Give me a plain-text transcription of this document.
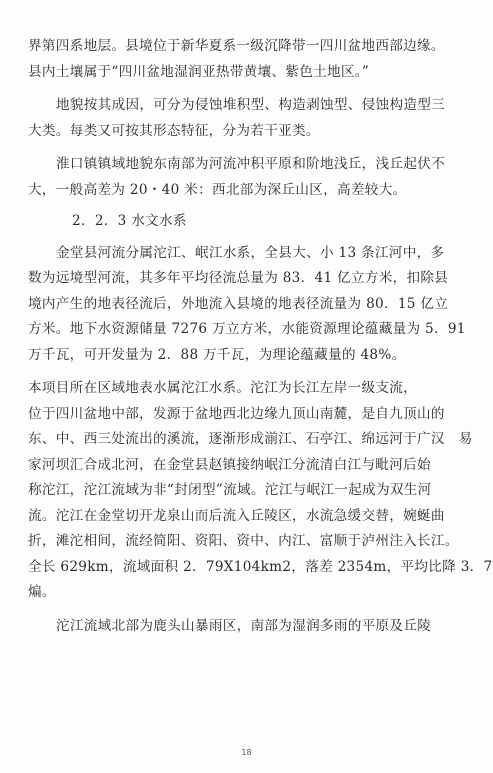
界第四系地层。县境位于新华夏系一级沉降带一四川盆地西部边缘。
县内土壤属于“四川盆地湿润亚热带黄壤、紫色土地区。”

地貌按其成因，可分为侵蚀堆积型、构造剥蚀型、侵蚀构造型三
大类。每类又可按其形态特征，分为若干亚类。

淮口镇镇域地貌东南部为河流冲积平原和阶地浅丘，浅丘起伏不
大，一般高差为 20・40 米：西北部为深丘山区，高差较大。

2．2．3 水文水系

金堂县河流分属沱江、岷江水系，全县大、小 13 条江河中，多
数为远境型河流，其多年平均径流总量为 83．41 亿立方米，扣除县
境内产生的地表径流后，外地流入县境的地表径流量为 80．15 亿立
方米。地下水资源储量 7276 万立方米，水能资源理论蕴藏量为 5．91
万千瓦，可开发量为 2．88 万千瓦，为理论蕴藏量的 48%。

本项目所在区域地表水属沱江水系。沱江为长江左岸一级支流，
位于四川盆地中部，发源于盆地西北边缘九顶山南麓，是自九顶山的
东、中、西三处流出的溪流，逐渐形成湔江、石亭江、绵远河于广汉　易
家河坝汇合成北河，在金堂县赵镇接纳岷江分流清白江与毗河后始
称沱江，沱江流域为非“封闭型”流域。沱江与岷江一起成为双生河
流。沱江在金堂切开龙泉山而后流入丘陵区，水流急缓交替，婉蜒曲
折，滩沱相间，流经简阳、资阳、资中、内江、富顺于泸州注入长江。
全长 629km，流域面积 2．79X104km2，落差 2354m，平均比降 3．7
煸。

沱江流域北部为鹿头山暴雨区，南部为湿润多雨的平原及丘陵

18
